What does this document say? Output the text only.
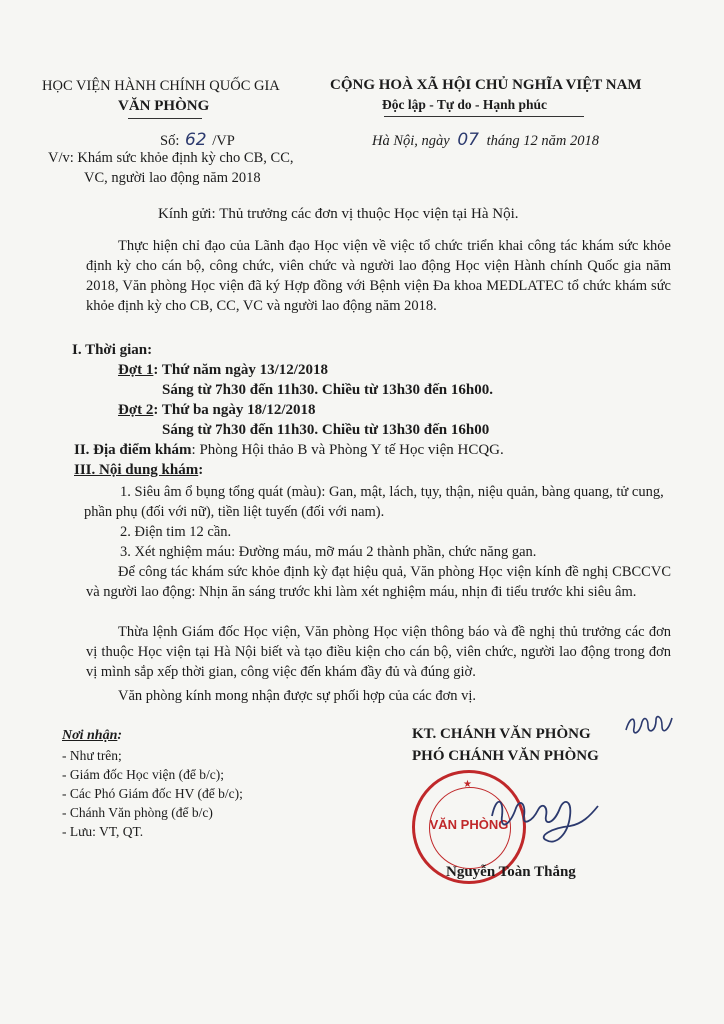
HỌC VIỆN HÀNH CHÍNH QUỐC GIA
VĂN PHÒNG
CỘNG HOÀ XÃ HỘI CHỦ NGHĨA VIỆT NAM
Độc lập - Tự do - Hạnh phúc
Số: 62 /VP	Hà Nội, ngày 07 tháng 12 năm 2018
V/v: Khám sức khỏe định kỳ cho CB, CC,
VC, người lao động năm 2018
Kính gửi: Thủ trưởng các đơn vị thuộc Học viện tại Hà Nội.
Thực hiện chỉ đạo của Lãnh đạo Học viện về việc tổ chức triển khai công tác khám sức khỏe định kỳ cho cán bộ, công chức, viên chức và người lao động Học viện Hành chính Quốc gia năm 2018, Văn phòng Học viện đã ký Hợp đồng với Bệnh viện Đa khoa MEDLATEC tổ chức khám sức khỏe định kỳ cho CB, CC, VC và người lao động năm 2018.
I. Thời gian:
Đợt 1: Thứ năm ngày 13/12/2018
Sáng từ 7h30 đến 11h30. Chiều từ 13h30 đến 16h00.
Đợt 2: Thứ ba ngày 18/12/2018
Sáng từ 7h30 đến 11h30. Chiều từ 13h30 đến 16h00
II. Địa điểm khám: Phòng Hội thảo B và Phòng Y tế Học viện HCQG.
III. Nội dung khám:
1. Siêu âm ổ bụng tổng quát (màu): Gan, mật, lách, tụy, thận, niệu quản, bàng quang, tử cung, phần phụ (đối với nữ), tiền liệt tuyến (đối với nam).
2. Điện tim 12 cần.
3. Xét nghiệm máu: Đường máu, mỡ máu 2 thành phần, chức năng gan.
Để công tác khám sức khỏe định kỳ đạt hiệu quả, Văn phòng Học viện kính đề nghị CBCCVC và người lao động: Nhịn ăn sáng trước khi làm xét nghiệm máu, nhịn đi tiểu trước khi siêu âm.
Thừa lệnh Giám đốc Học viện, Văn phòng Học viện thông báo và đề nghị thủ trưởng các đơn vị thuộc Học viện tại Hà Nội biết và tạo điều kiện cho cán bộ, viên chức, người lao động trong đơn vị mình sắp xếp thời gian, công việc đến khám đầy đủ và đúng giờ.
Văn phòng kính mong nhận được sự phối hợp của các đơn vị.
Nơi nhận:
- Như trên;
- Giám đốc Học viện (để b/c);
- Các Phó Giám đốc HV (để b/c);
- Chánh Văn phòng (để b/c)
- Lưu: VT, QT.
KT. CHÁNH VĂN PHÒNG
PHÓ CHÁNH VĂN PHÒNG
★
VĂN PHÒNG
Nguyễn Toàn Thắng
